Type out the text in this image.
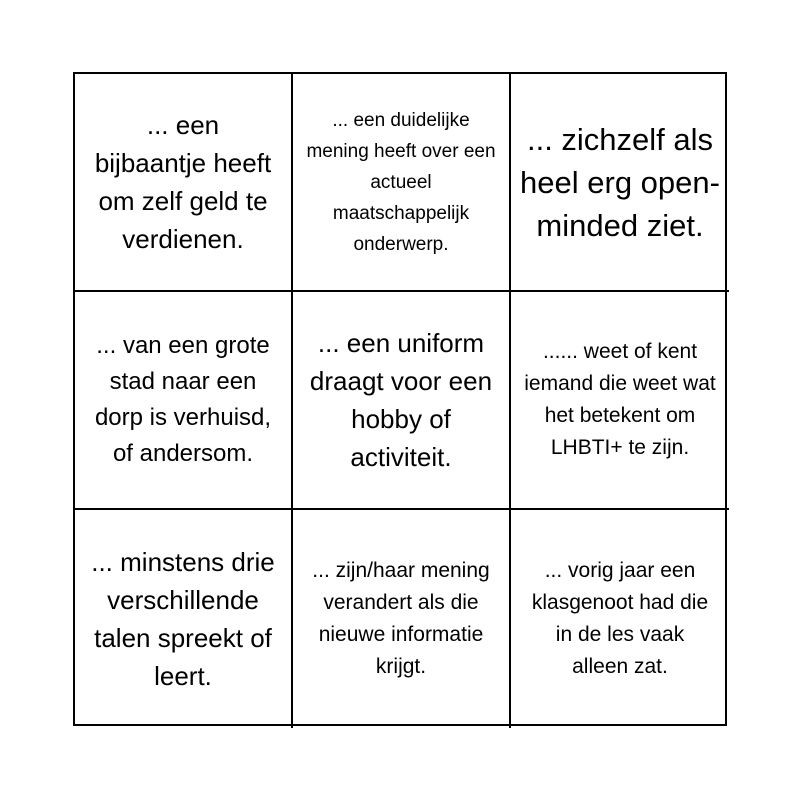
... een bijbaantje heeft om zelf geld te verdienen.
... een duidelijke mening heeft over een actueel maatschappelijk onderwerp.
... zichzelf als heel erg open-minded ziet.
... van een grote stad naar een dorp is verhuisd, of andersom.
... een uniform draagt voor een hobby of activiteit.
...... weet of kent iemand die weet wat het betekent om LHBTI+ te zijn.
... minstens drie verschillende talen spreekt of leert.
... zijn/haar mening verandert als die nieuwe informatie krijgt.
... vorig jaar een klasgenoot had die in de les vaak alleen zat.
